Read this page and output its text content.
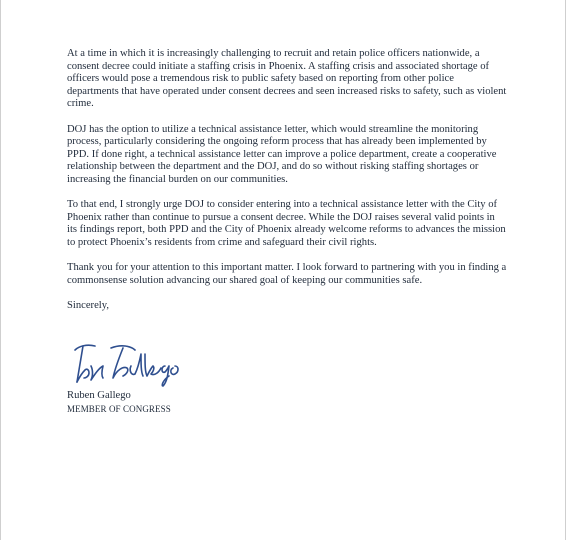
At a time in which it is increasingly challenging to recruit and retain police officers nationwide, a consent decree could initiate a staffing crisis in Phoenix. A staffing crisis and associated shortage of officers would pose a tremendous risk to public safety based on reporting from other police departments that have operated under consent decrees and seen increased risks to safety, such as violent crime.

DOJ has the option to utilize a technical assistance letter, which would streamline the monitoring process, particularly considering the ongoing reform process that has already been implemented by PPD. If done right, a technical assistance letter can improve a police department, create a cooperative relationship between the department and the DOJ, and do so without risking staffing shortages or increasing the financial burden on our communities.

To that end, I strongly urge DOJ to consider entering into a technical assistance letter with the City of Phoenix rather than continue to pursue a consent decree. While the DOJ raises several valid points in its findings report, both PPD and the City of Phoenix already welcome reforms to advances the mission to protect Phoenix’s residents from crime and safeguard their civil rights.

Thank you for your attention to this important matter. I look forward to partnering with you in finding a commonsense solution advancing our shared goal of keeping our communities safe.

Sincerely,

Ruben Gallego
MEMBER OF CONGRESS
